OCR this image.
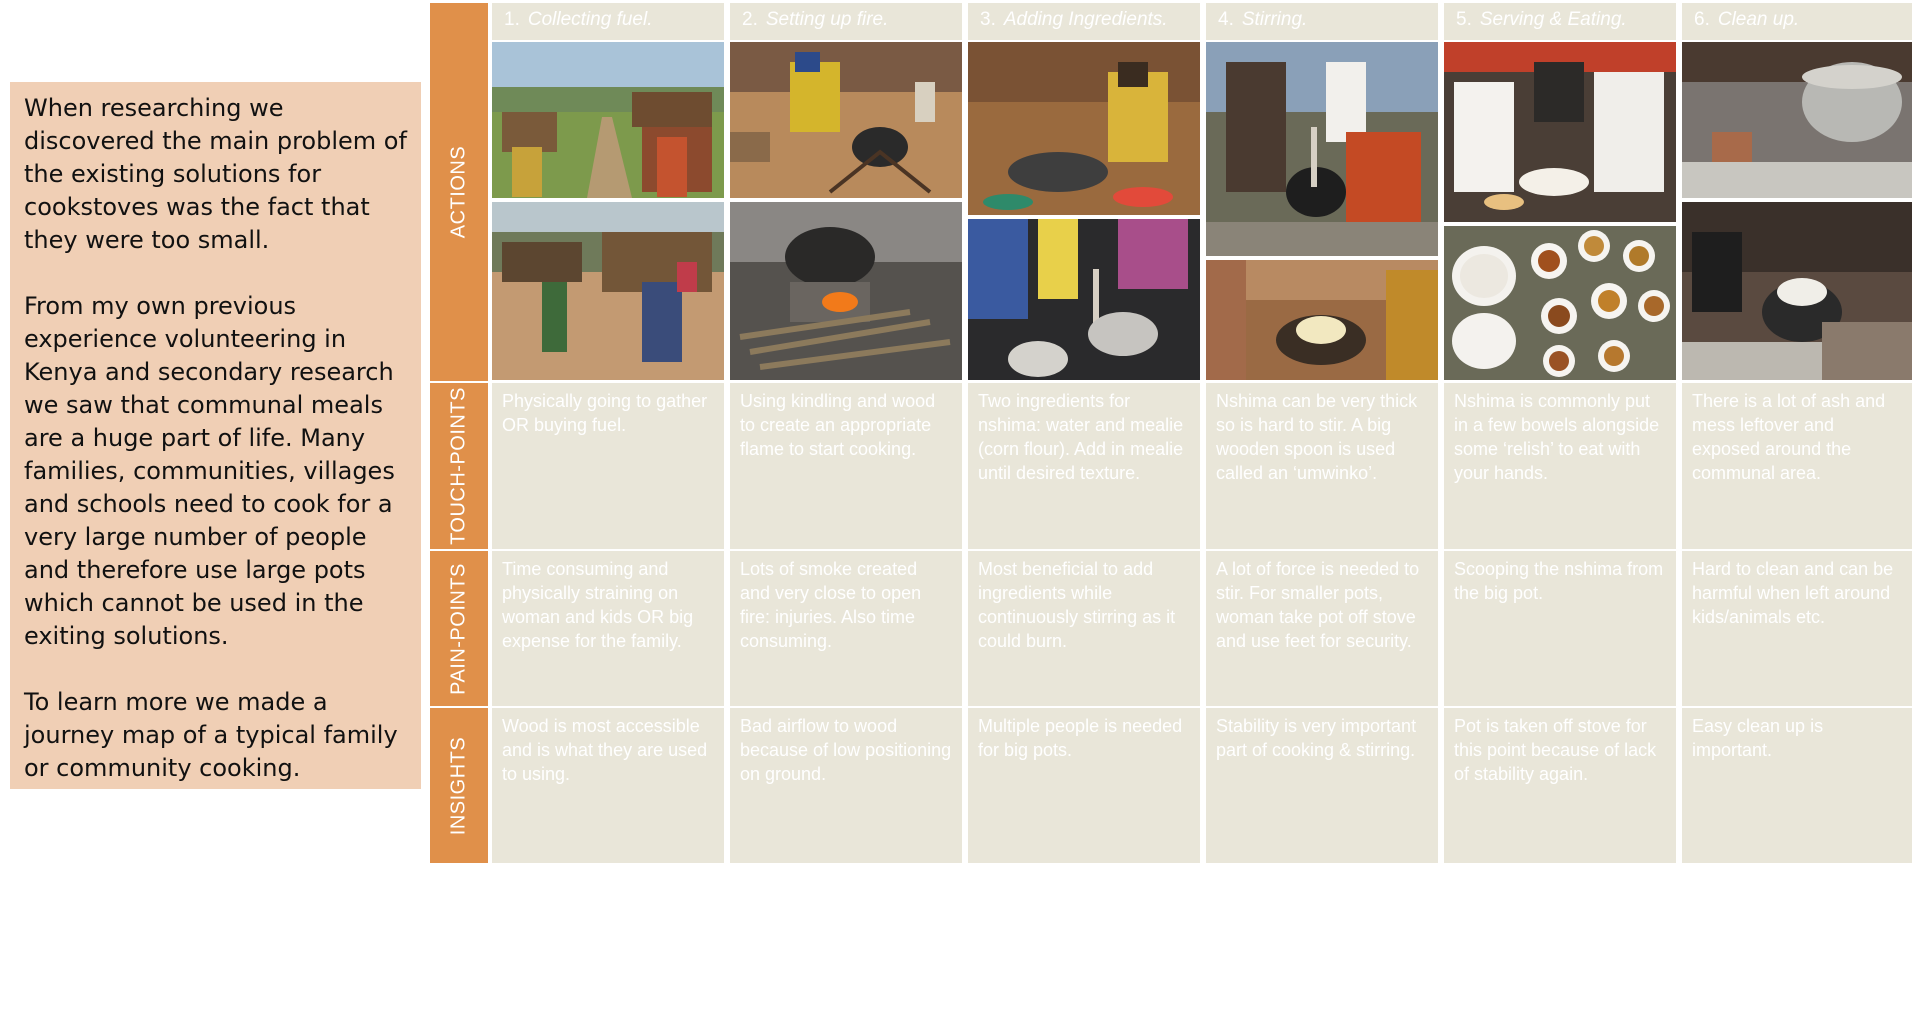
When researching we discovered the main problem of the existing solutions for cookstoves was the fact that they were too small.

From my own previous experience volunteering in Kenya and secondary research we saw that communal meals are a huge part of life. Many families, communities, villages and schools need to cook for a very large number of people and therefore use large pots which cannot be used in the exiting solutions.

To learn more we made a journey map of a typical family or community cooking.

ACTIONS
TOUCH-POINTS
PAIN-POINTS
INSIGHTS
1. Collecting fuel.
Physically going to gather OR buying fuel.
Time consuming and physically straining on woman and kids OR big expense for the family.
Wood is most accessible and is what they are used to using.
2. Setting up fire.
Using kindling and wood to create an appropriate flame to start cooking.
Lots of smoke created and very close to open fire: injuries. Also time consuming.
Bad airflow to wood because of low positioning on ground.
3. Adding Ingredients.
Two ingredients for nshima: water and mealie (corn flour). Add in mealie until desired texture.
Most beneficial to add ingredients while continuously stirring as it could burn.
Multiple people is needed for big pots.
4. Stirring.
Nshima can be very thick so is hard to stir. A big wooden spoon is used called an ‘umwinko’.
A lot of force is needed to stir. For smaller pots, woman take pot off stove and use feet for security.
Stability is very important part of cooking & stirring.
5. Serving & Eating.
Nshima is commonly put in a few bowels alongside some ‘relish’ to eat with your hands.
Scooping the nshima from the big pot.
Pot is taken off stove for this point because of lack of stability again.
6. Clean up.
There is a lot of ash and mess leftover and exposed around the communal area.
Hard to clean and can be harmful when left around kids/animals etc.
Easy clean up is important.
